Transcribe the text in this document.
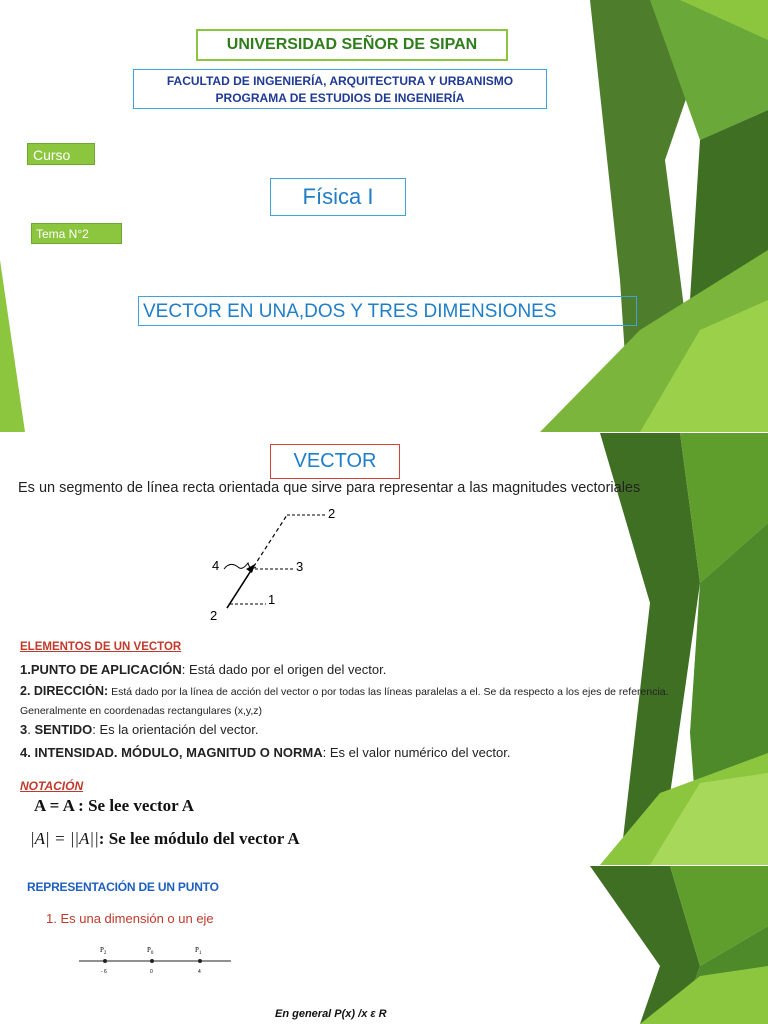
UNIVERSIDAD SEÑOR DE SIPAN
FACULTAD DE INGENIERÍA, ARQUITECTURA Y URBANISMO
PROGRAMA DE ESTUDIOS DE INGENIERÍA
Curso
Física I
Tema N°2
VECTOR EN UNA,DOS Y TRES DIMENSIONES
VECTOR
Es un segmento de línea recta orientada que sirve para representar a las magnitudes vectoriales
2
3
4
1
2
ELEMENTOS DE UN VECTOR
1.PUNTO DE APLICACIÓN: Está dado por el origen del vector.
2. DIRECCIÓN: Está dado por la línea de acción del vector o por todas las líneas paralelas a el. Se da respecto a los ejes de referencia.
Generalmente en coordenadas rectangulares (x,y,z)
3. SENTIDO: Es la orientación del vector.
4. INTENSIDAD. MÓDULO, MAGNITUD O NORMA: Es el valor numérico del vector.
NOTACIÓN
A = A : Se lee vector A
|A| = ||A||: Se lee módulo del vector A
REPRESENTACIÓN DE UN PUNTO
1. Es una dimensión o un eje
$P_2$	$P_0$	$P_1$
- 6	0	4
En general P(x) /x ε R
